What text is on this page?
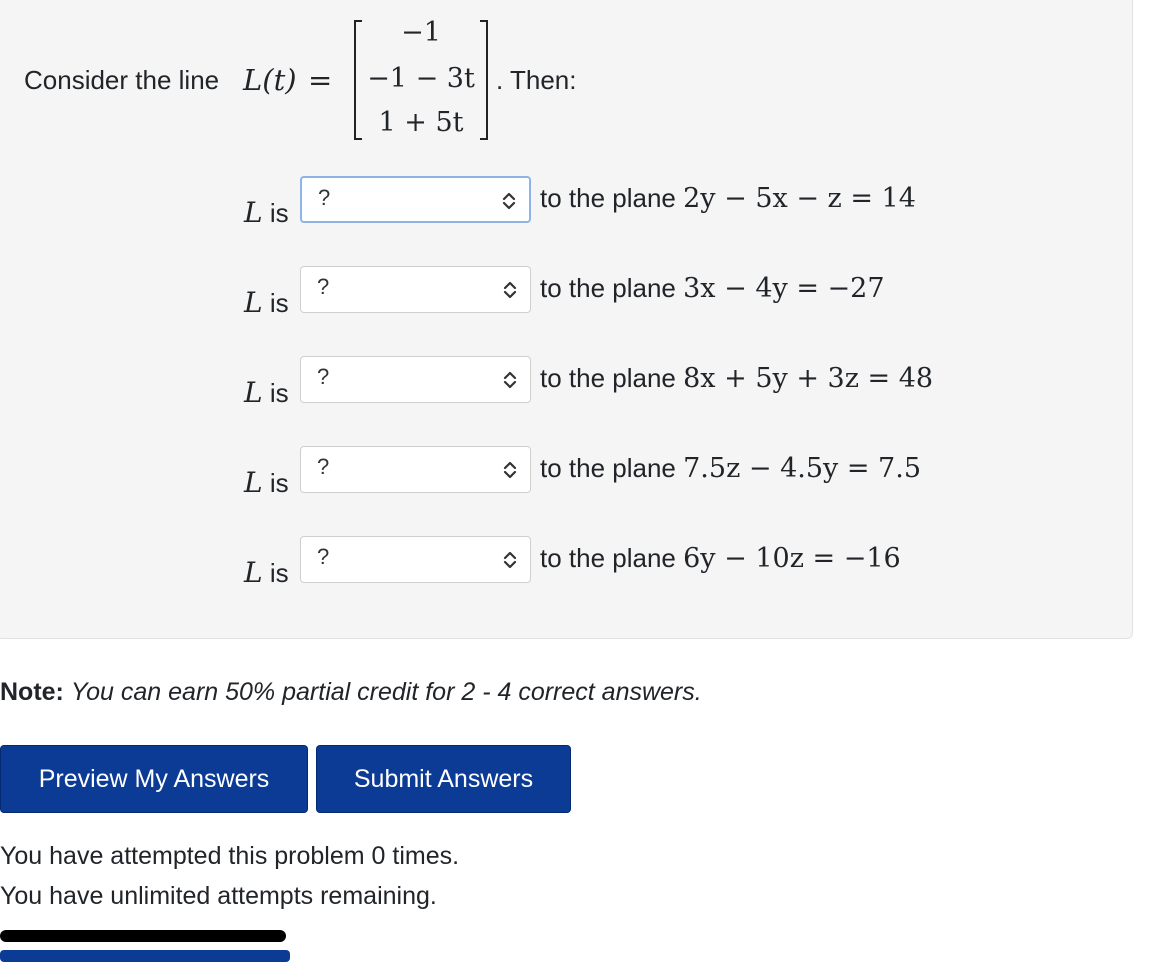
Consider the line L(t) =
−1
−1 − 3t
1 + 5t
. Then:
L is
?	to the plane 2y − 5x − z = 14
L is
?	to the plane 3x − 4y = −27
L is
?	to the plane 8x + 5y + 3z = 48
L is
?	to the plane 7.5z − 4.5y = 7.5
L is
?	to the plane 6y − 10z = −16
Note: You can earn 50% partial credit for 2 - 4 correct answers.
Preview My Answers	Submit Answers
You have attempted this problem 0 times.
You have unlimited attempts remaining.
